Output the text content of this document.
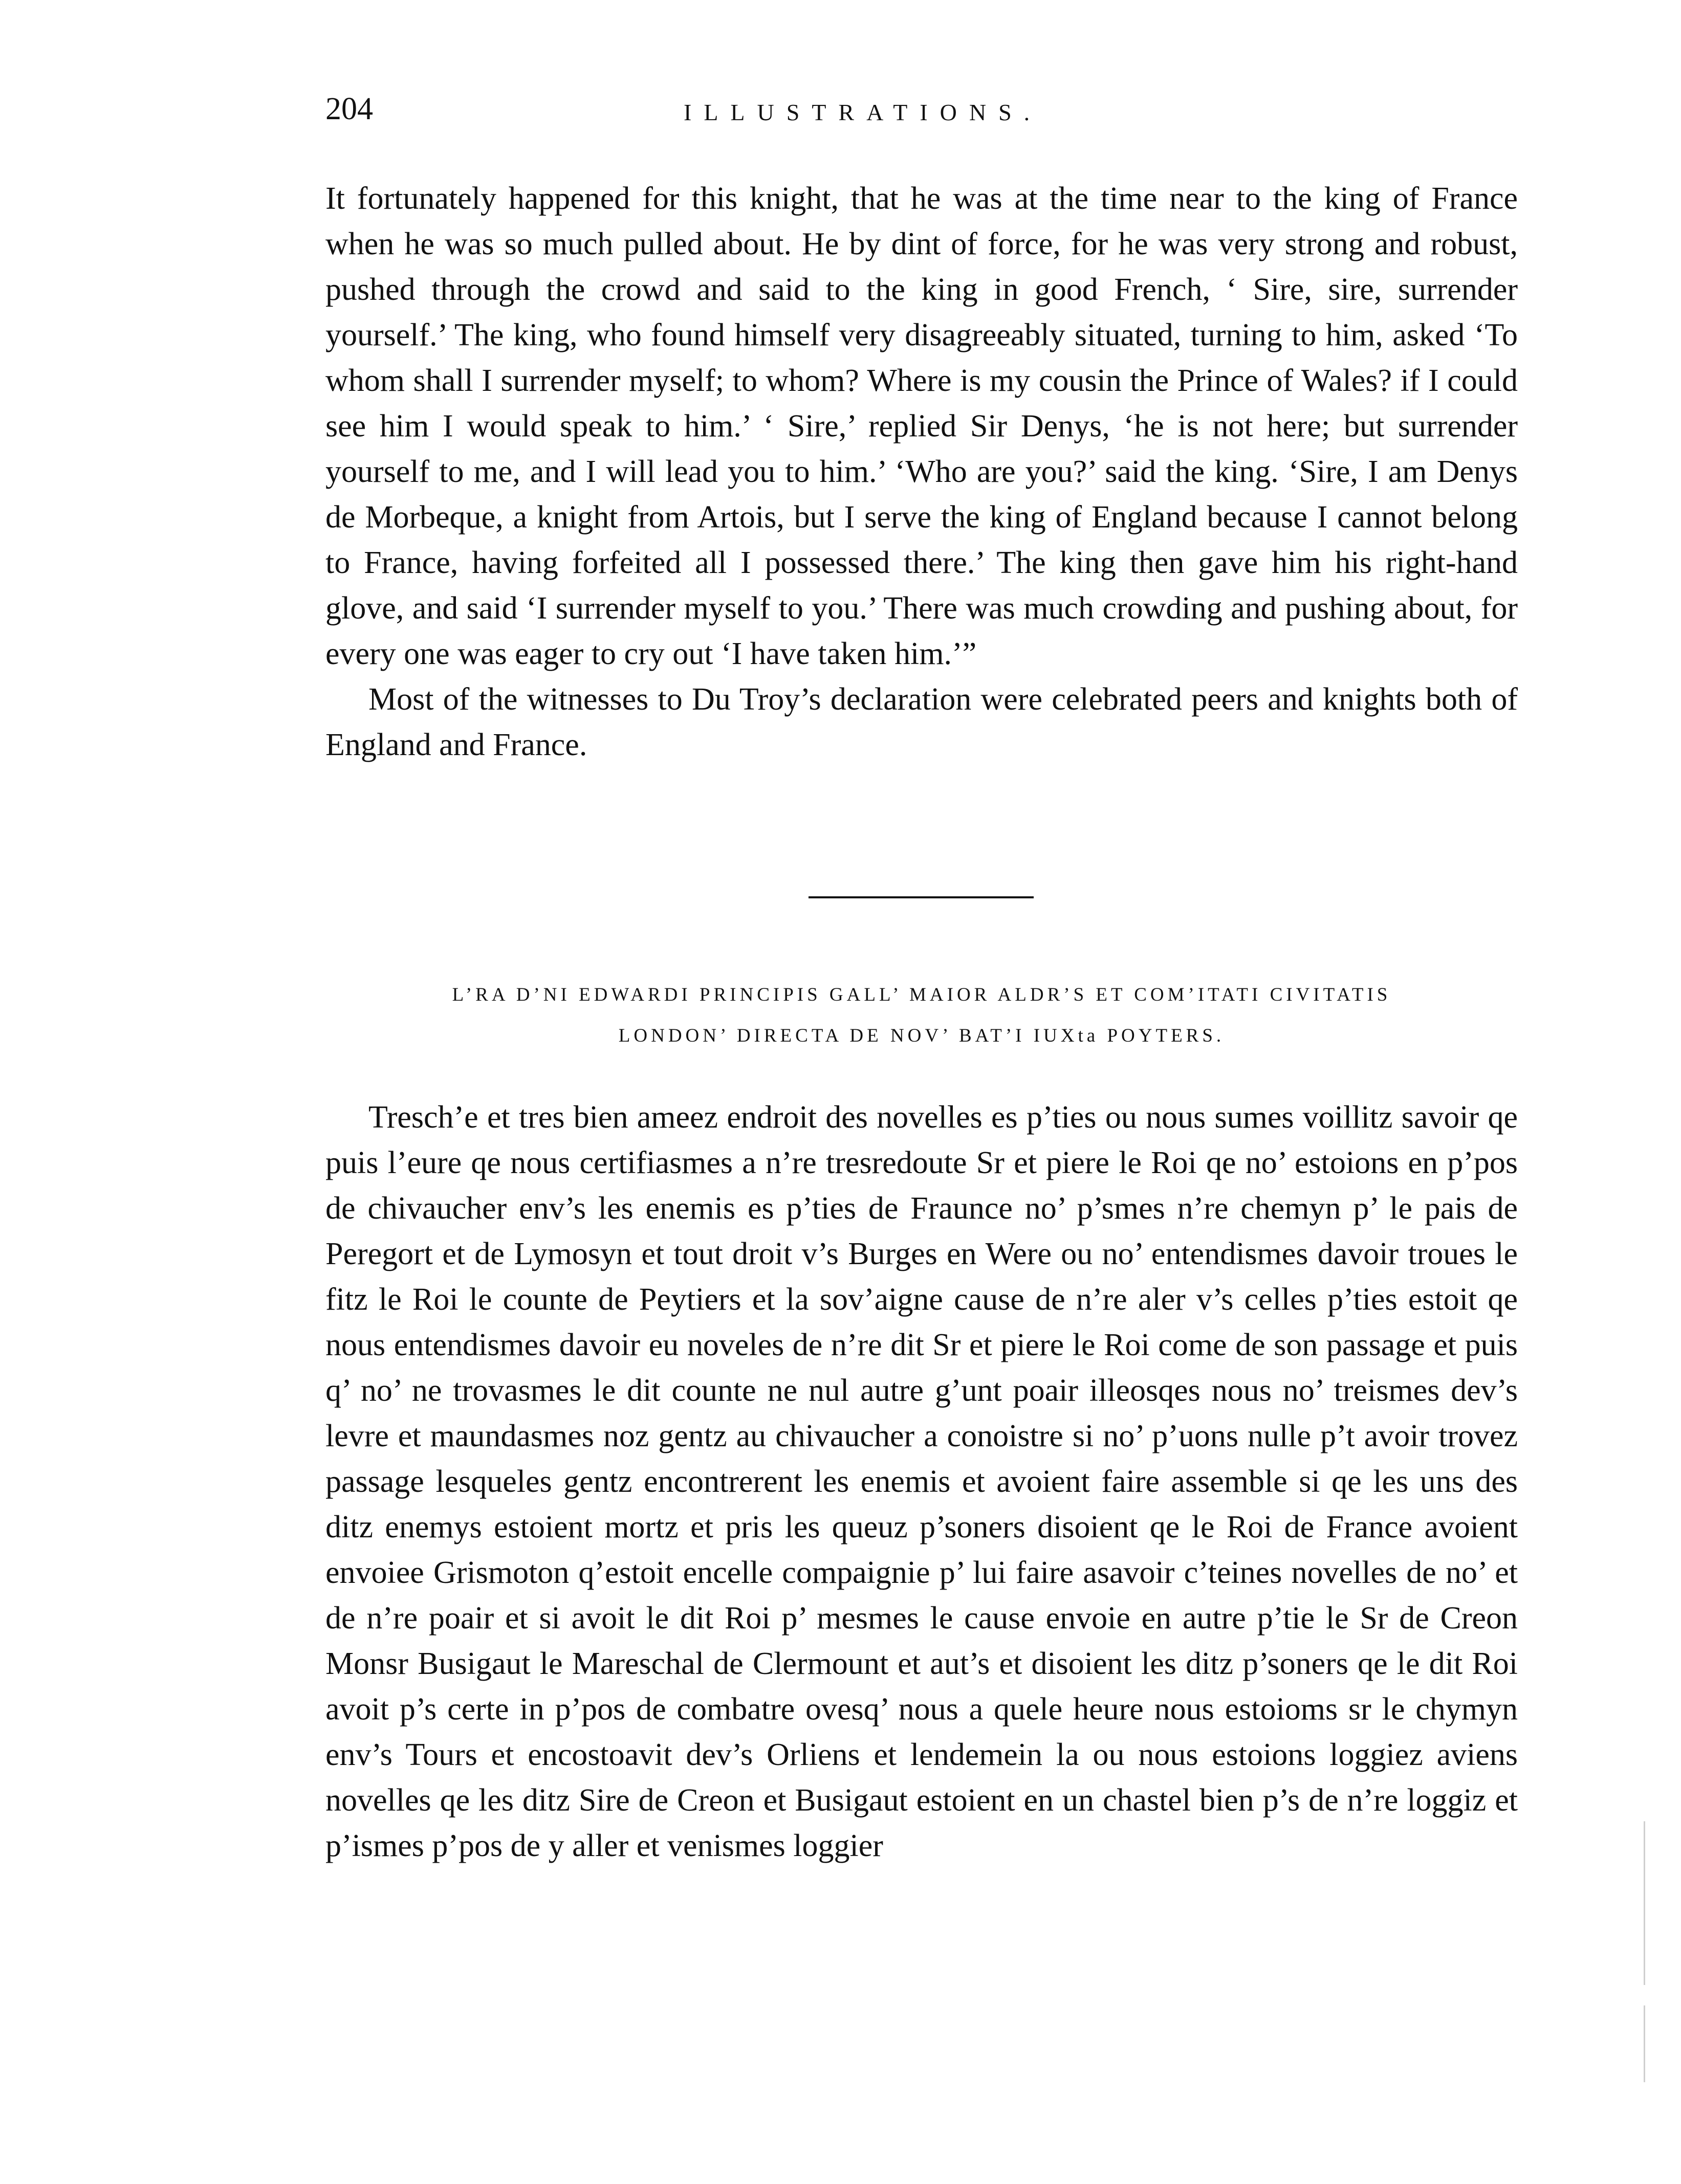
204	ILLUSTRATIONS.

It fortunately happened for this knight, that he was at the time near to the king of France when he was so much pulled about. He by dint of force, for he was very strong and robust, pushed through the crowd and said to the king in good French, ‘ Sire, sire, surrender yourself.’ The king, who found himself very disagreeably situated, turning to him, asked ‘To whom shall I surrender myself; to whom? Where is my cousin the Prince of Wales? if I could see him I would speak to him.’ ‘ Sire,’ replied Sir Denys, ‘he is not here; but surrender yourself to me, and I will lead you to him.’ ‘Who are you?’ said the king. ‘Sire, I am Denys de Morbeque, a knight from Artois, but I serve the king of England because I cannot belong to France, having forfeited all I possessed there.’ The king then gave him his right-hand glove, and said ‘I surrender myself to you.’ There was much crowding and pushing about, for every one was eager to cry out ‘I have taken him.’”

Most of the witnesses to Du Troy’s declaration were celebrated peers and knights both of England and France.

L’RA D’NI EDWARDI PRINCIPIS GALL’ MAIOR ALDR’S ET COM’ITATI CIVITATIS
LONDON’ DIRECTA DE NOV’ BAT’I IUXta POYTERS.

Tresch’e et tres bien ameez endroit des novelles es p’ties ou nous sumes voillitz savoir qe puis l’eure qe nous certifiasmes a n’re tresredoute Sr et piere le Roi qe no’ estoions en p’pos de chivaucher env’s les enemis es p’ties de Fraunce no’ p’smes n’re chemyn p’ le pais de Peregort et de Lymosyn et tout droit v’s Burges en Were ou no’ entendismes davoir troues le fitz le Roi le counte de Peytiers et la sov’aigne cause de n’re aler v’s celles p’ties estoit qe nous entendismes davoir eu noveles de n’re dit Sr et piere le Roi come de son passage et puis q’ no’ ne trovasmes le dit counte ne nul autre g’unt poair illeosqes nous no’ treismes dev’s levre et maundasmes noz gentz au chivaucher a conoistre si no’ p’uons nulle p’t avoir trovez passage lesqueles gentz encontrerent les enemis et avoient faire assemble si qe les uns des ditz enemys estoient mortz et pris les queuz p’soners disoient qe le Roi de France avoient envoiee Grismoton q’estoit encelle compaignie p’ lui faire asavoir c’teines novelles de no’ et de n’re poair et si avoit le dit Roi p’ mesmes le cause envoie en autre p’tie le Sr de Creon Monsr Busigaut le Mareschal de Clermount et aut’s et disoient les ditz p’soners qe le dit Roi avoit p’s certe in p’pos de combatre ovesq’ nous a quele heure nous estoioms sr le chymyn env’s Tours et encostoavit dev’s Orliens et lendemein la ou nous estoions loggiez aviens novelles qe les ditz Sire de Creon et Busigaut estoient en un chastel bien p’s de n’re loggiz et p’ismes p’pos de y aller et venismes loggier
